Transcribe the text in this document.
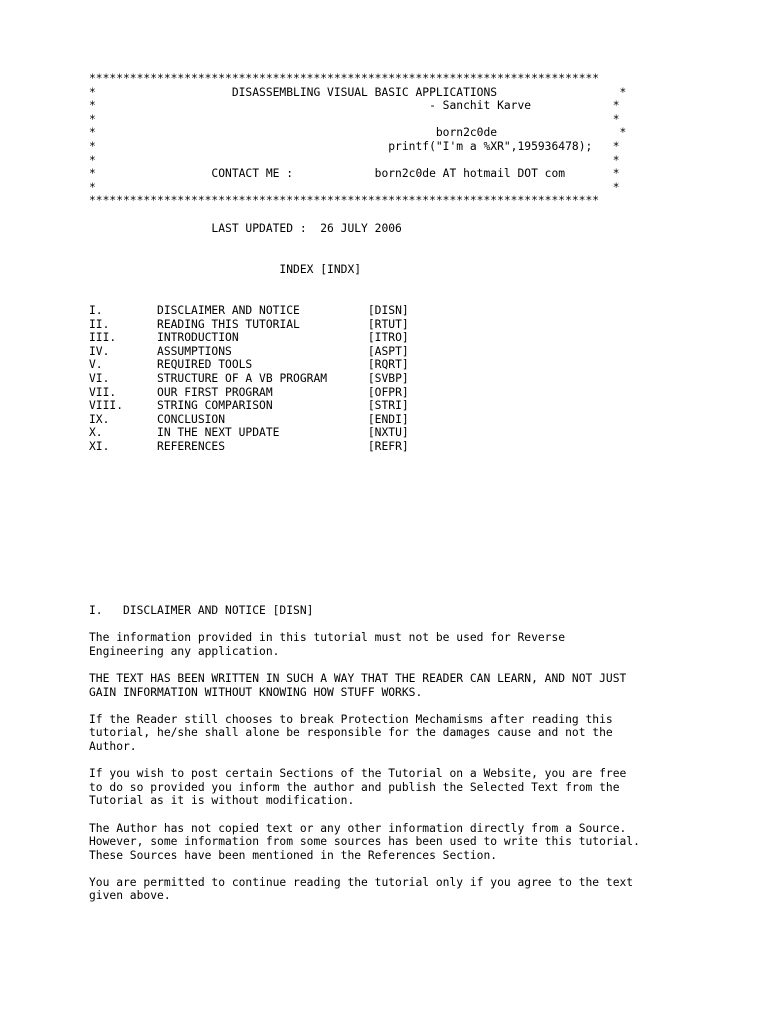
***************************************************************************
*                    DISASSEMBLING VISUAL BASIC APPLICATIONS                  *
*                                                 - Sanchit Karve            *
*                                                                            *
*                                                  born2c0de                  *
*                                           printf("I'm a %XR",195936478);   *
*                                                                            *
*                 CONTACT ME :            born2c0de AT hotmail DOT com       *
*                                                                            *
***************************************************************************
LAST UPDATED :  26 JULY 2006
INDEX [INDX]
I.        DISCLAIMER AND NOTICE          [DISN]
II.       READING THIS TUTORIAL          [RTUT]
III.      INTRODUCTION                   [ITRO]
IV.       ASSUMPTIONS                    [ASPT]
V.        REQUIRED TOOLS                 [RQRT]
VI.       STRUCTURE OF A VB PROGRAM      [SVBP]
VII.      OUR FIRST PROGRAM              [OFPR]
VIII.     STRING COMPARISON              [STRI]
IX.       CONCLUSION                     [ENDI]
X.        IN THE NEXT UPDATE             [NXTU]
XI.       REFERENCES                     [REFR]
I.   DISCLAIMER AND NOTICE [DISN]
The information provided in this tutorial must not be used for Reverse
Engineering any application.
THE TEXT HAS BEEN WRITTEN IN SUCH A WAY THAT THE READER CAN LEARN, AND NOT JUST
GAIN INFORMATION WITHOUT KNOWING HOW STUFF WORKS.
If the Reader still chooses to break Protection Mechamisms after reading this
tutorial, he/she shall alone be responsible for the damages cause and not the
Author.
If you wish to post certain Sections of the Tutorial on a Website, you are free
to do so provided you inform the author and publish the Selected Text from the
Tutorial as it is without modification.
The Author has not copied text or any other information directly from a Source.
However, some information from some sources has been used to write this tutorial.
These Sources have been mentioned in the References Section.
You are permitted to continue reading the tutorial only if you agree to the text
given above.
